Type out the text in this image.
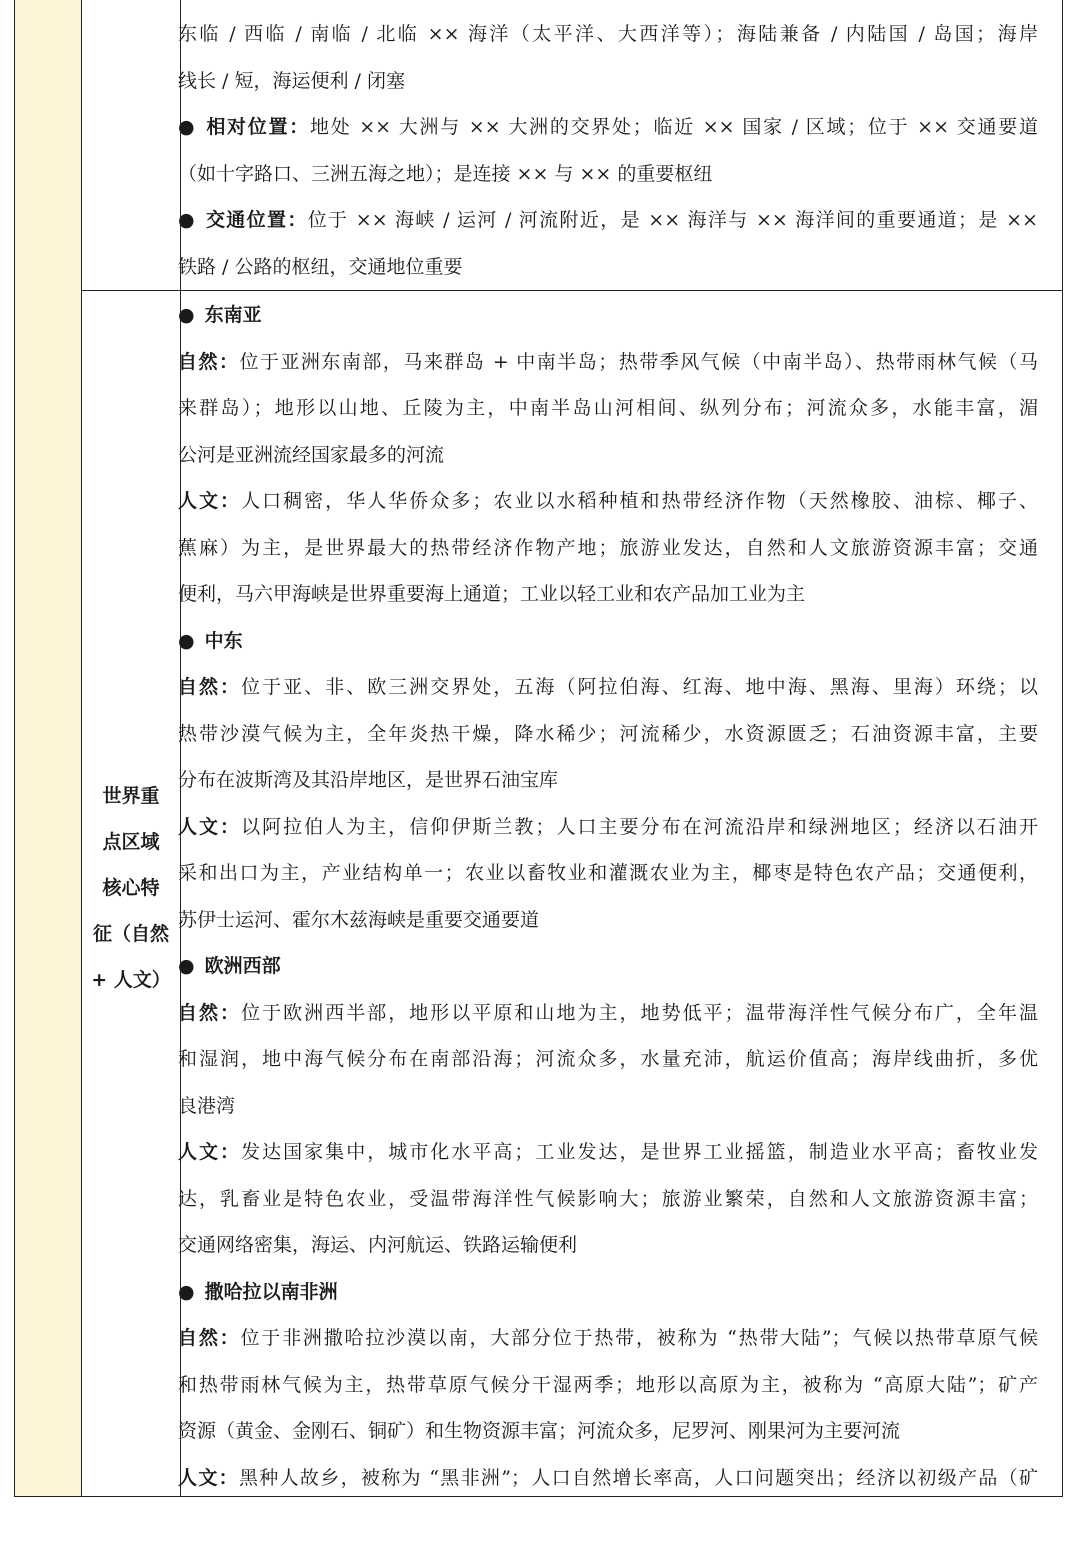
世界重
点区域
核心特
征（自然
+ 人文）
东临 / 西临 / 南临 / 北临 ×× 海洋（太平洋、大西洋等）；海陆兼备 / 内陆国 / 岛国；海岸
线长 / 短，海运便利 / 闭塞
● 相对位置：地处 ×× 大洲与 ×× 大洲的交界处；临近 ×× 国家 / 区域；位于 ×× 交通要道
（如十字路口、三洲五海之地）；是连接 ×× 与 ×× 的重要枢纽
● 交通位置：位于 ×× 海峡 / 运河 / 河流附近，是 ×× 海洋与 ×× 海洋间的重要通道；是 ××
铁路 / 公路的枢纽，交通地位重要
● 东南亚
自然：位于亚洲东南部，马来群岛 + 中南半岛；热带季风气候（中南半岛）、热带雨林气候（马
来群岛）；地形以山地、丘陵为主，中南半岛山河相间、纵列分布；河流众多，水能丰富，湄
公河是亚洲流经国家最多的河流
人文：人口稠密，华人华侨众多；农业以水稻种植和热带经济作物（天然橡胶、油棕、椰子、
蕉麻）为主，是世界最大的热带经济作物产地；旅游业发达，自然和人文旅游资源丰富；交通
便利，马六甲海峡是世界重要海上通道；工业以轻工业和农产品加工业为主
● 中东
自然：位于亚、非、欧三洲交界处，五海（阿拉伯海、红海、地中海、黑海、里海）环绕；以
热带沙漠气候为主，全年炎热干燥，降水稀少；河流稀少，水资源匮乏；石油资源丰富，主要
分布在波斯湾及其沿岸地区，是世界石油宝库
人文：以阿拉伯人为主，信仰伊斯兰教；人口主要分布在河流沿岸和绿洲地区；经济以石油开
采和出口为主，产业结构单一；农业以畜牧业和灌溉农业为主，椰枣是特色农产品；交通便利，
苏伊士运河、霍尔木兹海峡是重要交通要道
● 欧洲西部
自然：位于欧洲西半部，地形以平原和山地为主，地势低平；温带海洋性气候分布广，全年温
和湿润，地中海气候分布在南部沿海；河流众多，水量充沛，航运价值高；海岸线曲折，多优
良港湾
人文：发达国家集中，城市化水平高；工业发达，是世界工业摇篮，制造业水平高；畜牧业发
达，乳畜业是特色农业，受温带海洋性气候影响大；旅游业繁荣，自然和人文旅游资源丰富；
交通网络密集，海运、内河航运、铁路运输便利
● 撒哈拉以南非洲
自然：位于非洲撒哈拉沙漠以南，大部分位于热带，被称为 “热带大陆”；气候以热带草原气候
和热带雨林气候为主，热带草原气候分干湿两季；地形以高原为主，被称为 “高原大陆”；矿产
资源（黄金、金刚石、铜矿）和生物资源丰富；河流众多，尼罗河、刚果河为主要河流
人文：黑种人故乡，被称为 “黑非洲”；人口自然增长率高，人口问题突出；经济以初级产品（矿
